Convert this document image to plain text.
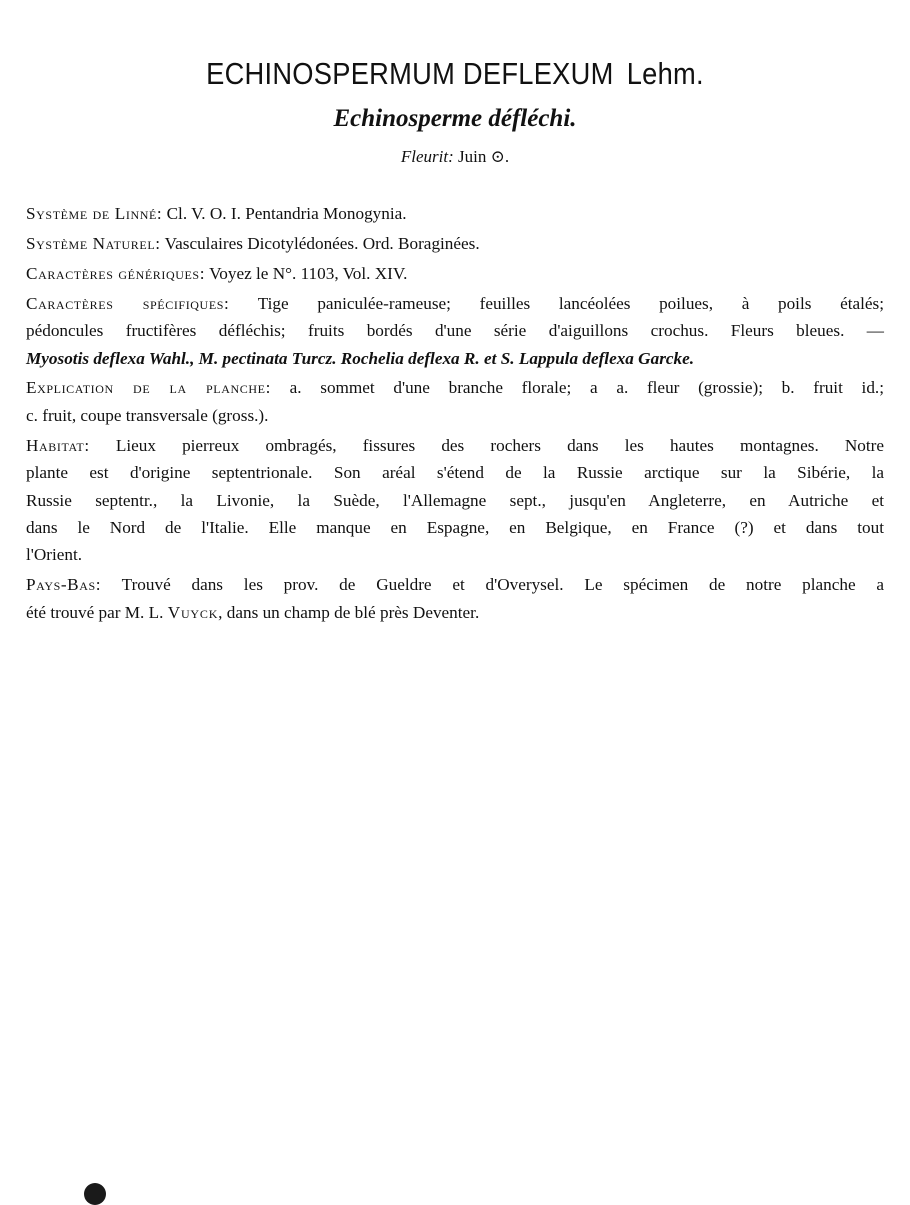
ECHINOSPERMUM DEFLEXUM Lehm.
Echinosperme défléchi.
Fleurit: Juin ⊙.
Système de Linné: Cl. V. O. I. Pentandria Monogynia.
Système Naturel: Vasculaires Dicotylédonées. Ord. Boraginées.
Caractères génériques: Voyez le N°. 1103, Vol. XIV.
Caractères spécifiques: Tige paniculée-rameuse; feuilles lancéolées poilues, à poils étalés;
pédoncules fructifères défléchis; fruits bordés d'une série d'aiguillons crochus. Fleurs bleues. —
Myosotis deflexa Wahl., M. pectinata Turcz. Rochelia deflexa R. et S. Lappula deflexa Garcke.
Explication de la planche: a. sommet d'une branche florale; a a. fleur (grossie); b. fruit id.;
c. fruit, coupe transversale (gross.).
Habitat: Lieux pierreux ombragés, fissures des rochers dans les hautes montagnes. Notre
plante est d'origine septentrionale. Son aréal s'étend de la Russie arctique sur la Sibérie, la
Russie septentr., la Livonie, la Suède, l'Allemagne sept., jusqu'en Angleterre, en Autriche et
dans le Nord de l'Italie. Elle manque en Espagne, en Belgique, en France (?) et dans tout
l'Orient.
Pays-Bas: Trouvé dans les prov. de Gueldre et d'Overysel. Le spécimen de notre planche a
été trouvé par M. L. Vuyck, dans un champ de blé près Deventer.
